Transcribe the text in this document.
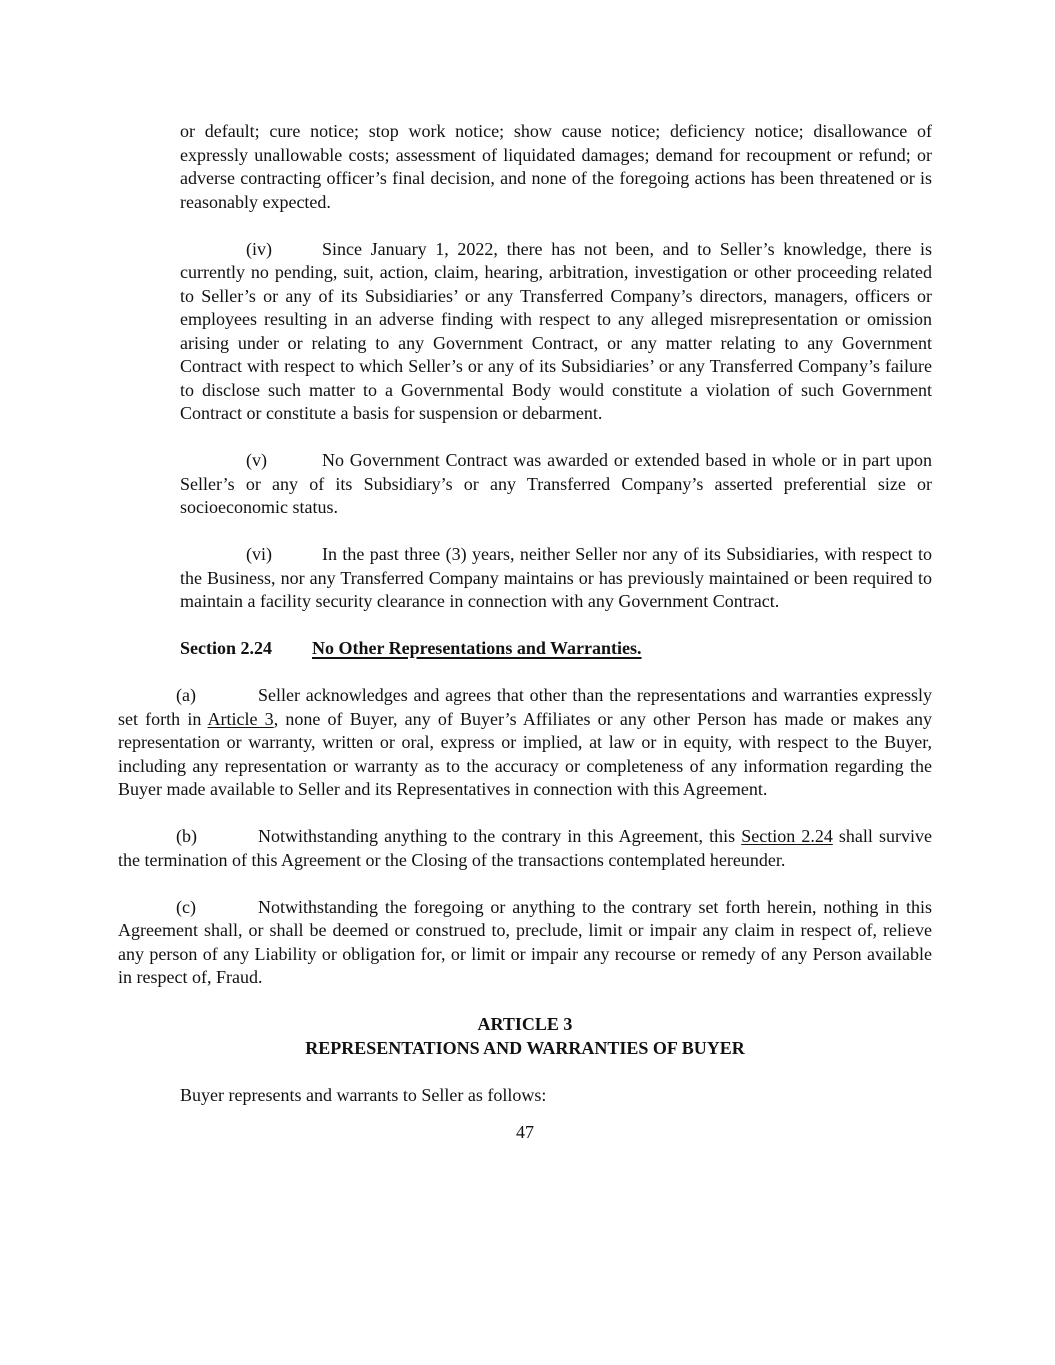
or default; cure notice; stop work notice; show cause notice; deficiency notice; disallowance of expressly unallowable costs; assessment of liquidated damages; demand for recoupment or refund; or adverse contracting officer’s final decision, and none of the foregoing actions has been threatened or is reasonably expected.

(iv)	Since January 1, 2022, there has not been, and to Seller’s knowledge, there is currently no pending, suit, action, claim, hearing, arbitration, investigation or other proceeding related to Seller’s or any of its Subsidiaries’ or any Transferred Company’s directors, managers, officers or employees resulting in an adverse finding with respect to any alleged misrepresentation or omission arising under or relating to any Government Contract, or any matter relating to any Government Contract with respect to which Seller’s or any of its Subsidiaries’ or any Transferred Company’s failure to disclose such matter to a Governmental Body would constitute a violation of such Government Contract or constitute a basis for suspension or debarment.

(v)	No Government Contract was awarded or extended based in whole or in part upon Seller’s or any of its Subsidiary’s or any Transferred Company’s asserted preferential size or socioeconomic status.

(vi)	In the past three (3) years, neither Seller nor any of its Subsidiaries, with respect to the Business, nor any Transferred Company maintains or has previously maintained or been required to maintain a facility security clearance in connection with any Government Contract.

Section 2.24 No Other Representations and Warranties.

(a)	Seller acknowledges and agrees that other than the representations and warranties expressly set forth in Article 3, none of Buyer, any of Buyer’s Affiliates or any other Person has made or makes any representation or warranty, written or oral, express or implied, at law or in equity, with respect to the Buyer, including any representation or warranty as to the accuracy or completeness of any information regarding the Buyer made available to Seller and its Representatives in connection with this Agreement.

(b)	Notwithstanding anything to the contrary in this Agreement, this Section 2.24 shall survive the termination of this Agreement or the Closing of the transactions contemplated hereunder.

(c)	Notwithstanding the foregoing or anything to the contrary set forth herein, nothing in this Agreement shall, or shall be deemed or construed to, preclude, limit or impair any claim in respect of, relieve any person of any Liability or obligation for, or limit or impair any recourse or remedy of any Person available in respect of, Fraud.

ARTICLE 3
REPRESENTATIONS AND WARRANTIES OF BUYER

Buyer represents and warrants to Seller as follows:

47
